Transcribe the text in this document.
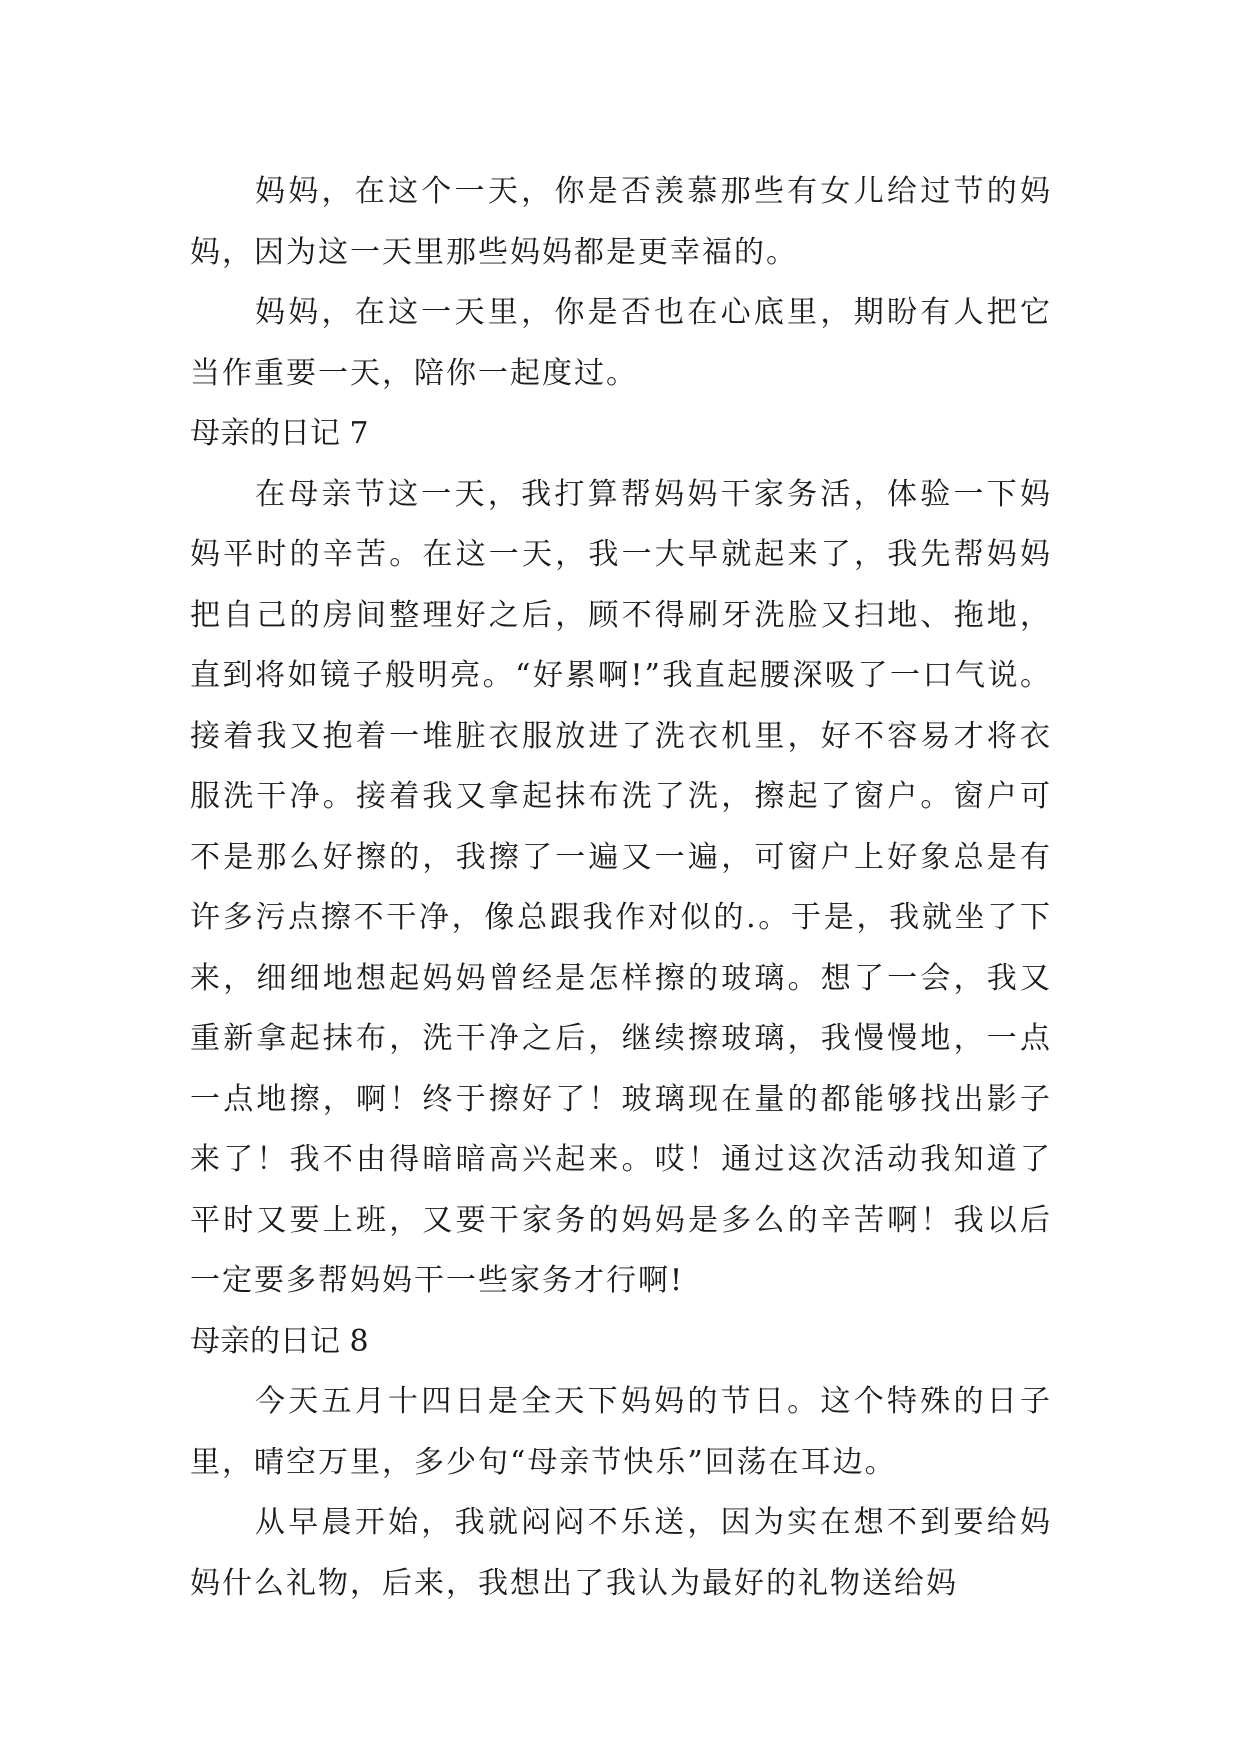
妈妈，在这个一天，你是否羡慕那些有女儿给过节的妈妈，因为这一天里那些妈妈都是更幸福的。

妈妈，在这一天里，你是否也在心底里，期盼有人把它当作重要一天，陪你一起度过。

母亲的日记 7

在母亲节这一天，我打算帮妈妈干家务活，体验一下妈妈平时的辛苦。在这一天，我一大早就起来了，我先帮妈妈把自己的房间整理好之后，顾不得刷牙洗脸又扫地、拖地，直到将如镜子般明亮。“好累啊!”我直起腰深吸了一口气说。接着我又抱着一堆脏衣服放进了洗衣机里，好不容易才将衣服洗干净。接着我又拿起抹布洗了洗，擦起了窗户。窗户可不是那么好擦的，我擦了一遍又一遍，可窗户上好象总是有许多污点擦不干净，像总跟我作对似的.。于是，我就坐了下来，细细地想起妈妈曾经是怎样擦的玻璃。想了一会，我又重新拿起抹布，洗干净之后，继续擦玻璃，我慢慢地，一点一点地擦，啊！终于擦好了！玻璃现在量的都能够找出影子来了！我不由得暗暗高兴起来。哎！通过这次活动我知道了平时又要上班，又要干家务的妈妈是多么的辛苦啊！我以后一定要多帮妈妈干一些家务才行啊!

母亲的日记 8

今天五月十四日是全天下妈妈的节日。这个特殊的日子里，晴空万里，多少句“母亲节快乐”回荡在耳边。

从早晨开始，我就闷闷不乐送，因为实在想不到要给妈妈什么礼物，后来，我想出了我认为最好的礼物送给妈
